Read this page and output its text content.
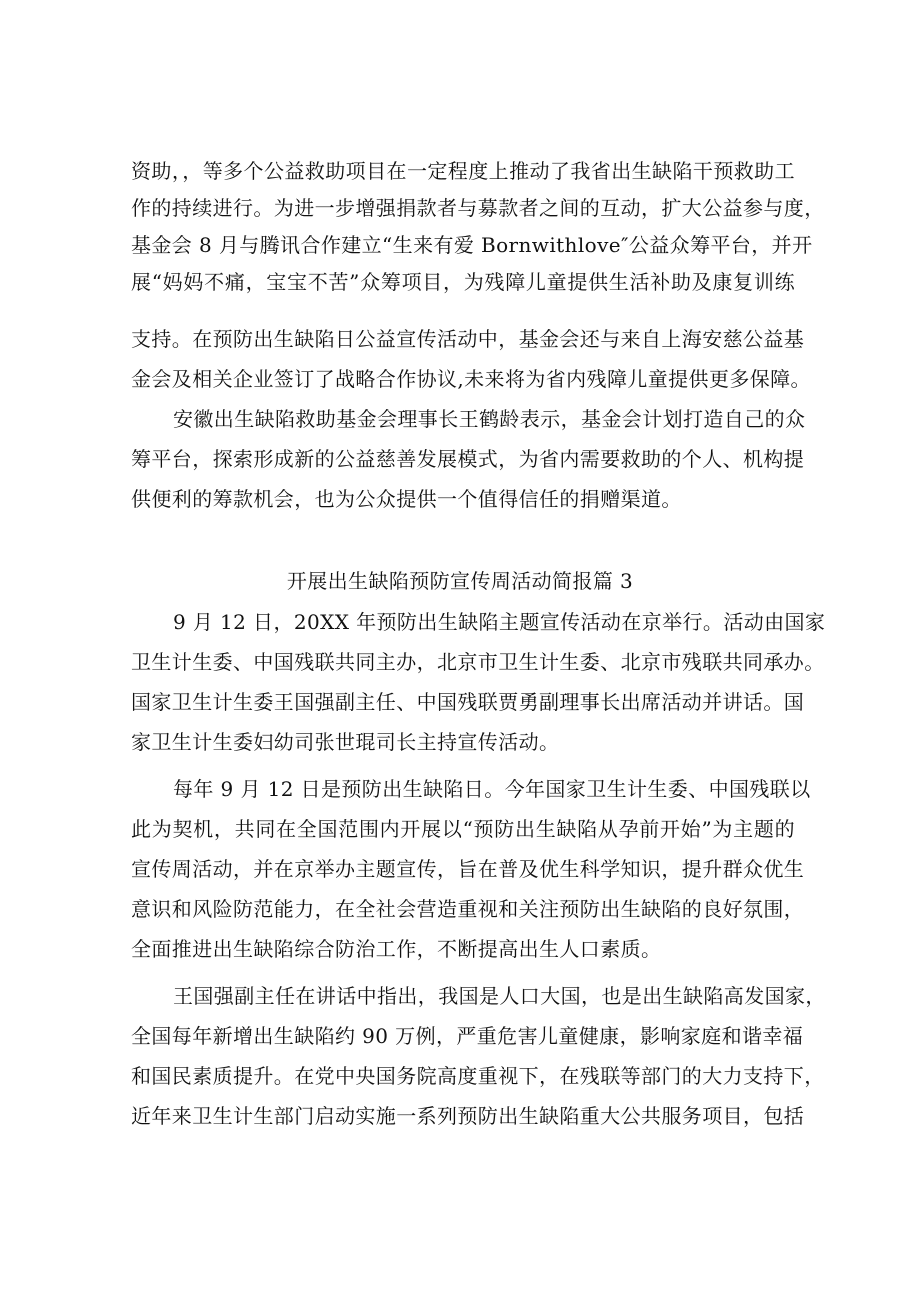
资助，，等多个公益救助项目在一定程度上推动了我省出生缺陷干预救助工
作的持续进行。为进一步增强捐款者与募款者之间的互动，扩大公益参与度，
基金会 8 月与腾讯合作建立“生来有爱 Bornwithlove″公益众筹平台，并开
展“妈妈不痛，宝宝不苦”众筹项目，为残障儿童提供生活补助及康复训练
支持。在预防出生缺陷日公益宣传活动中，基金会还与来自上海安慈公益基
金会及相关企业签订了战略合作协议,未来将为省内残障儿童提供更多保障。
安徽出生缺陷救助基金会理事长王鹤龄表示，基金会计划打造自己的众
筹平台，探索形成新的公益慈善发展模式，为省内需要救助的个人、机构提
供便利的筹款机会，也为公众提供一个值得信任的捐赠渠道。
开展出生缺陷预防宣传周活动简报篇 3
9 月 12 日，20XX 年预防出生缺陷主题宣传活动在京举行。活动由国家
卫生计生委、中国残联共同主办，北京市卫生计生委、北京市残联共同承办。
国家卫生计生委王国强副主任、中国残联贾勇副理事长出席活动并讲话。国
家卫生计生委妇幼司张世琨司长主持宣传活动。
每年 9 月 12 日是预防出生缺陷日。今年国家卫生计生委、中国残联以
此为契机，共同在全国范围内开展以“预防出生缺陷从孕前开始”为主题的
宣传周活动，并在京举办主题宣传，旨在普及优生科学知识，提升群众优生
意识和风险防范能力，在全社会营造重视和关注预防出生缺陷的良好氛围，
全面推进出生缺陷综合防治工作，不断提高出生人口素质。
王国强副主任在讲话中指出，我国是人口大国，也是出生缺陷高发国家，
全国每年新增出生缺陷约 90 万例，严重危害儿童健康，影响家庭和谐幸福
和国民素质提升。在党中央国务院高度重视下，在残联等部门的大力支持下，
近年来卫生计生部门启动实施一系列预防出生缺陷重大公共服务项目，包括
